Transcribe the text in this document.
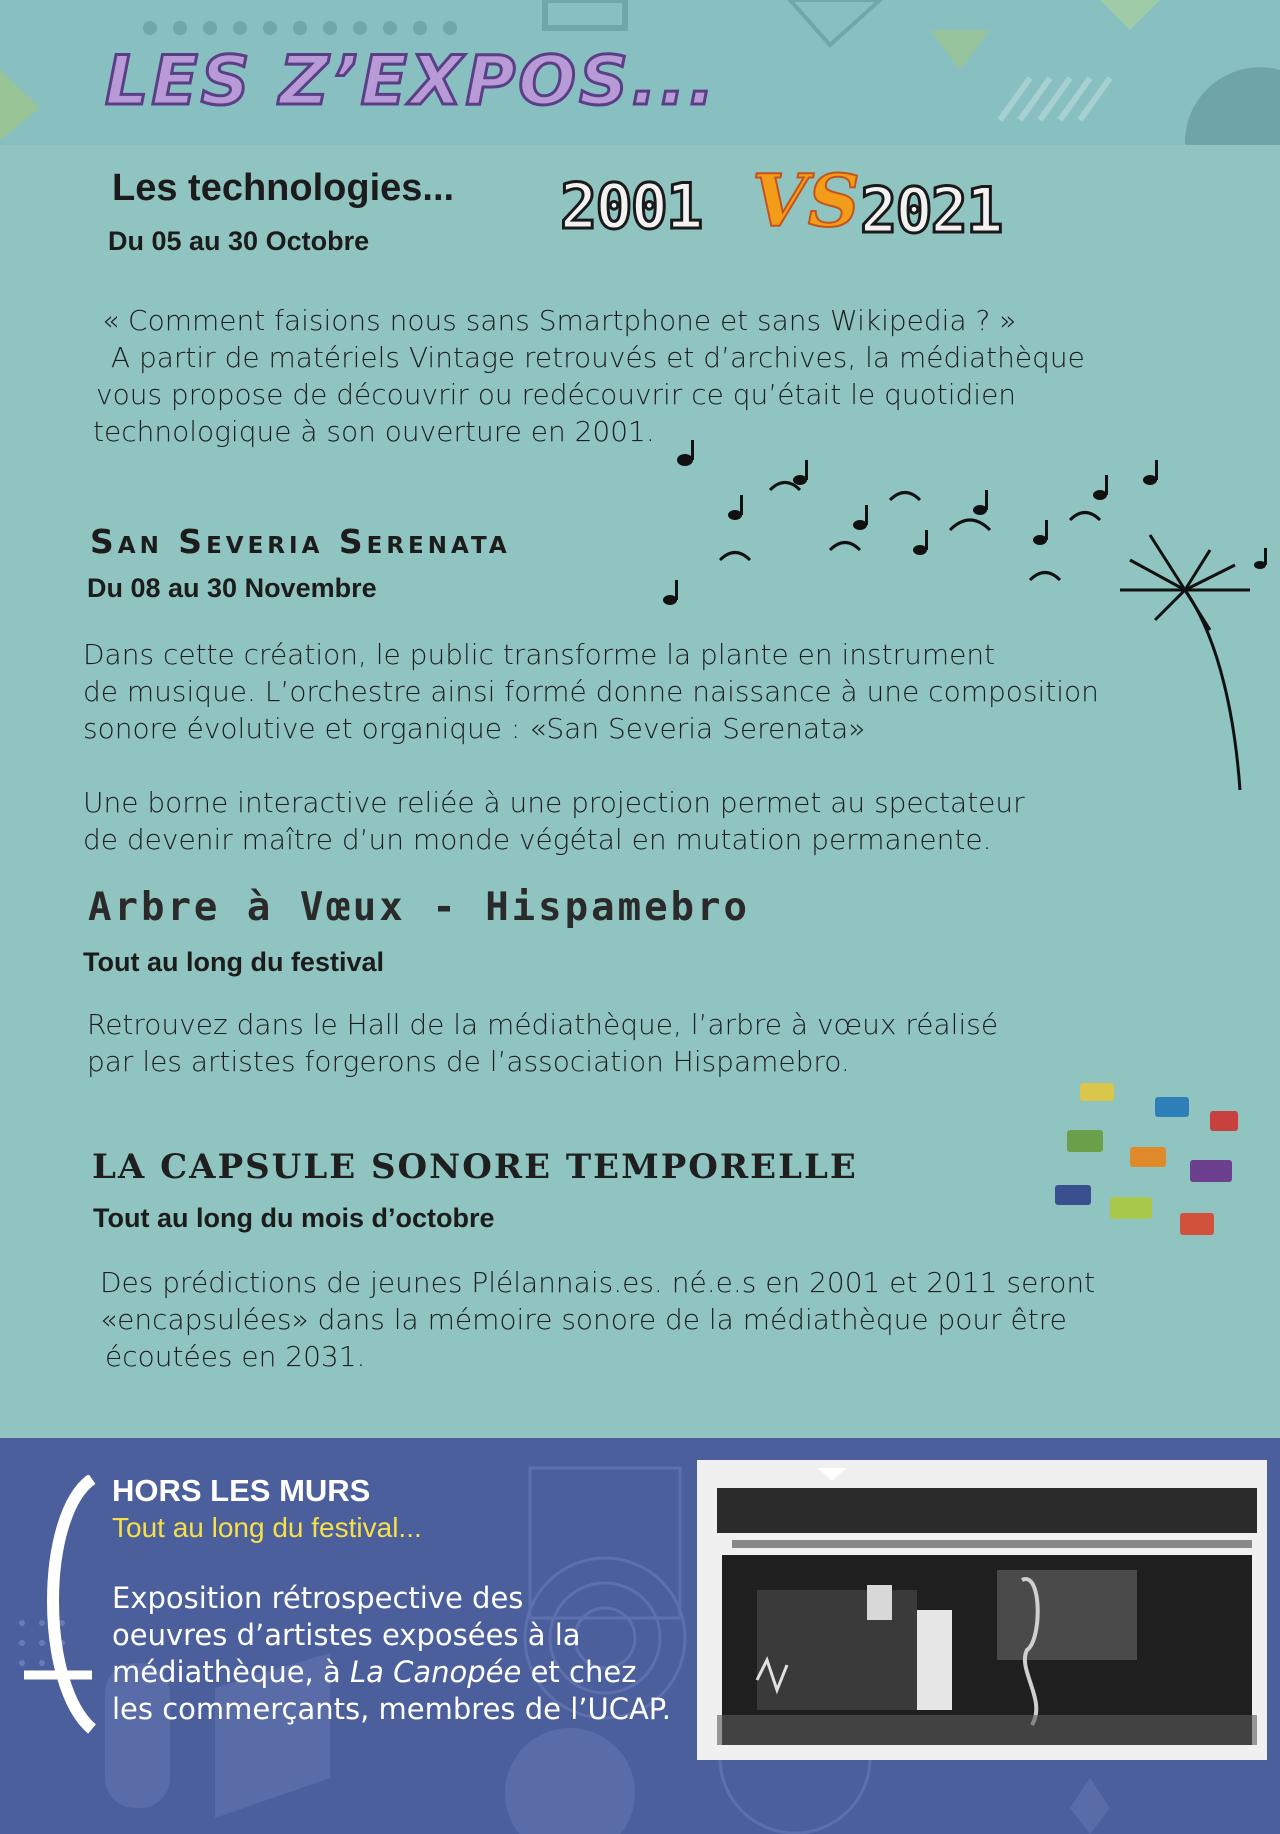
LES Z’EXPOS...
Les technologies...

Du 05 au 30 Octobre	2001 VS 2021

« Comment faisions nous sans Smartphone et sans Wikipedia ? »

A partir de matériels Vintage retrouvés et d’archives, la médiathèque

vous propose de découvrir ou redécouvrir ce qu’était le quotidien

technologique à son ouverture en 2001.

San Severia Serenata

Du 08 au 30 Novembre

Dans cette création, le public transforme la plante en instrument

de musique. L’orchestre ainsi formé donne naissance à une composition

sonore évolutive et organique : «San Severia Serenata»

Une borne interactive reliée à une projection permet au spectateur

de devenir maître d’un monde végétal en mutation permanente.

Arbre à Vœux - Hispamebro

Tout au long du festival

Retrouvez dans le Hall de la médiathèque, l’arbre à vœux réalisé

par les artistes forgerons de l’association Hispamebro.

LA CAPSULE SONORE TEMPORELLE

Tout au long du mois d’octobre

Des prédictions de jeunes Plélannais.es. né.e.s en 2001 et 2011 seront

«encapsulées» dans la mémoire sonore de la médiathèque pour être

écoutées en 2031.

HORS LES MURS

Tout au long du festival...

Exposition rétrospective des

oeuvres d’artistes exposées à la

médiathèque, à La Canopée et chez

les commerçants, membres de l’UCAP.
